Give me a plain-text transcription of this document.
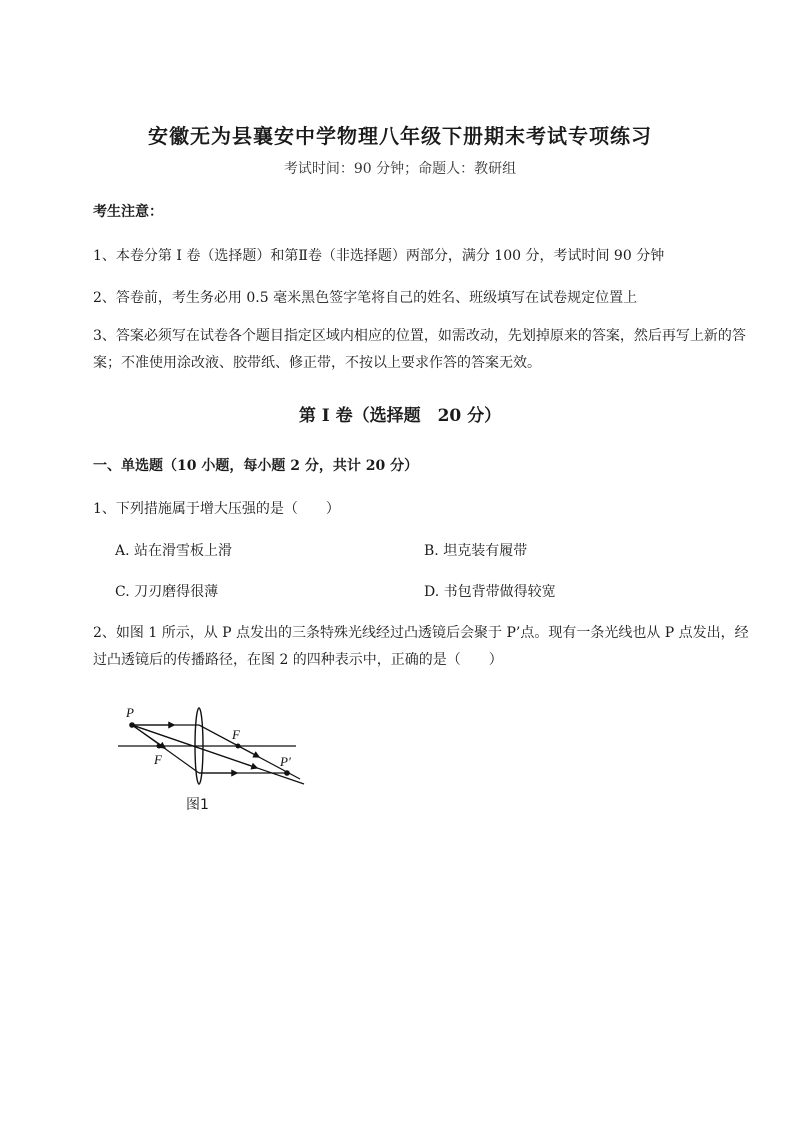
安徽无为县襄安中学物理八年级下册期末考试专项练习
考试时间：90 分钟；命题人：教研组
考生注意：
1、本卷分第 I 卷（选择题）和第Ⅱ卷（非选择题）两部分，满分 100 分，考试时间 90 分钟
2、答卷前，考生务必用 0.5 毫米黑色签字笔将自己的姓名、班级填写在试卷规定位置上
3、答案必须写在试卷各个题目指定区域内相应的位置，如需改动，先划掉原来的答案，然后再写上新的答案；不准使用涂改液、胶带纸、修正带，不按以上要求作答的答案无效。
第 I 卷（选择题　20 分）
一、单选题（10 小题，每小题 2 分，共计 20 分）
1、下列措施属于增大压强的是（　　）
A. 站在滑雪板上滑	B. 坦克装有履带
C. 刀刃磨得很薄	D. 书包背带做得较宽
2、如图 1 所示，从 P 点发出的三条特殊光线经过凸透镜后会聚于 P’点。现有一条光线也从 P 点发出，经过凸透镜后的传播路径，在图 2 的四种表示中，正确的是（　　）
P
F
F
P′
图1
